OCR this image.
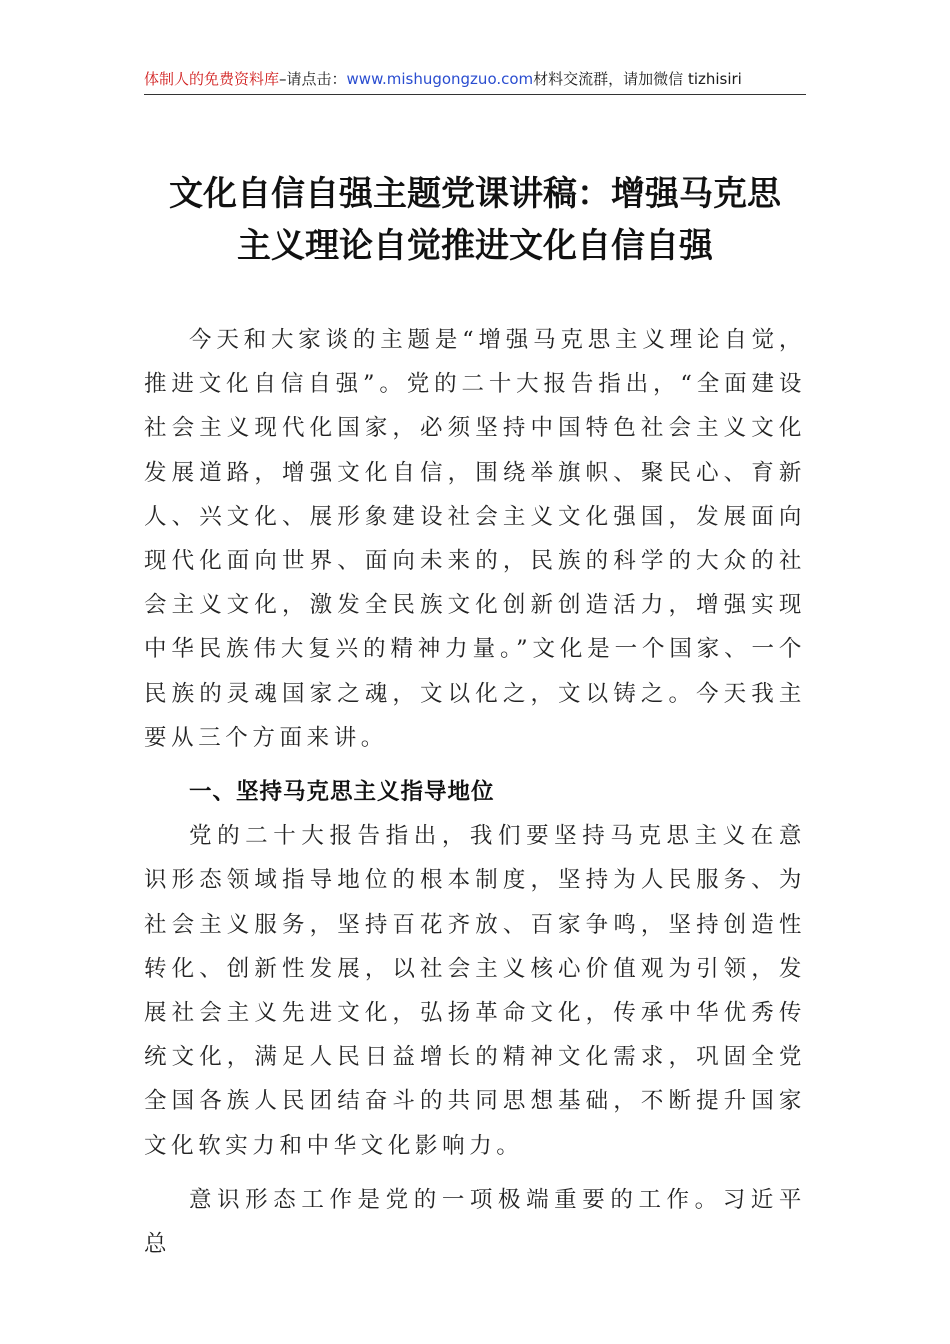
体制人的免费资料库–请点击：www.mishugongzuo.com材料交流群，请加微信 tizhisiri
文化自信自强主题党课讲稿：增强马克思
主义理论自觉推进文化自信自强

今天和大家谈的主题是“增强马克思主义理论自觉，推进文化自信自强”。党的二十大报告指出，“全面建设社会主义现代化国家，必须坚持中国特色社会主义文化发展道路，增强文化自信，围绕举旗帜、聚民心、育新人、兴文化、展形象建设社会主义文化强国，发展面向现代化面向世界、面向未来的，民族的科学的大众的社会主义文化，激发全民族文化创新创造活力，增强实现中华民族伟大复兴的精神力量。”文化是一个国家、一个民族的灵魂国家之魂，文以化之，文以铸之。今天我主要从三个方面来讲。

一、坚持马克思主义指导地位

党的二十大报告指出，我们要坚持马克思主义在意识形态领域指导地位的根本制度，坚持为人民服务、为社会主义服务，坚持百花齐放、百家争鸣，坚持创造性转化、创新性发展，以社会主义核心价值观为引领，发展社会主义先进文化，弘扬革命文化，传承中华优秀传统文化，满足人民日益增长的精神文化需求，巩固全党全国各族人民团结奋斗的共同思想基础，不断提升国家文化软实力和中华文化影响力。

意识形态工作是党的一项极端重要的工作。习近平总
